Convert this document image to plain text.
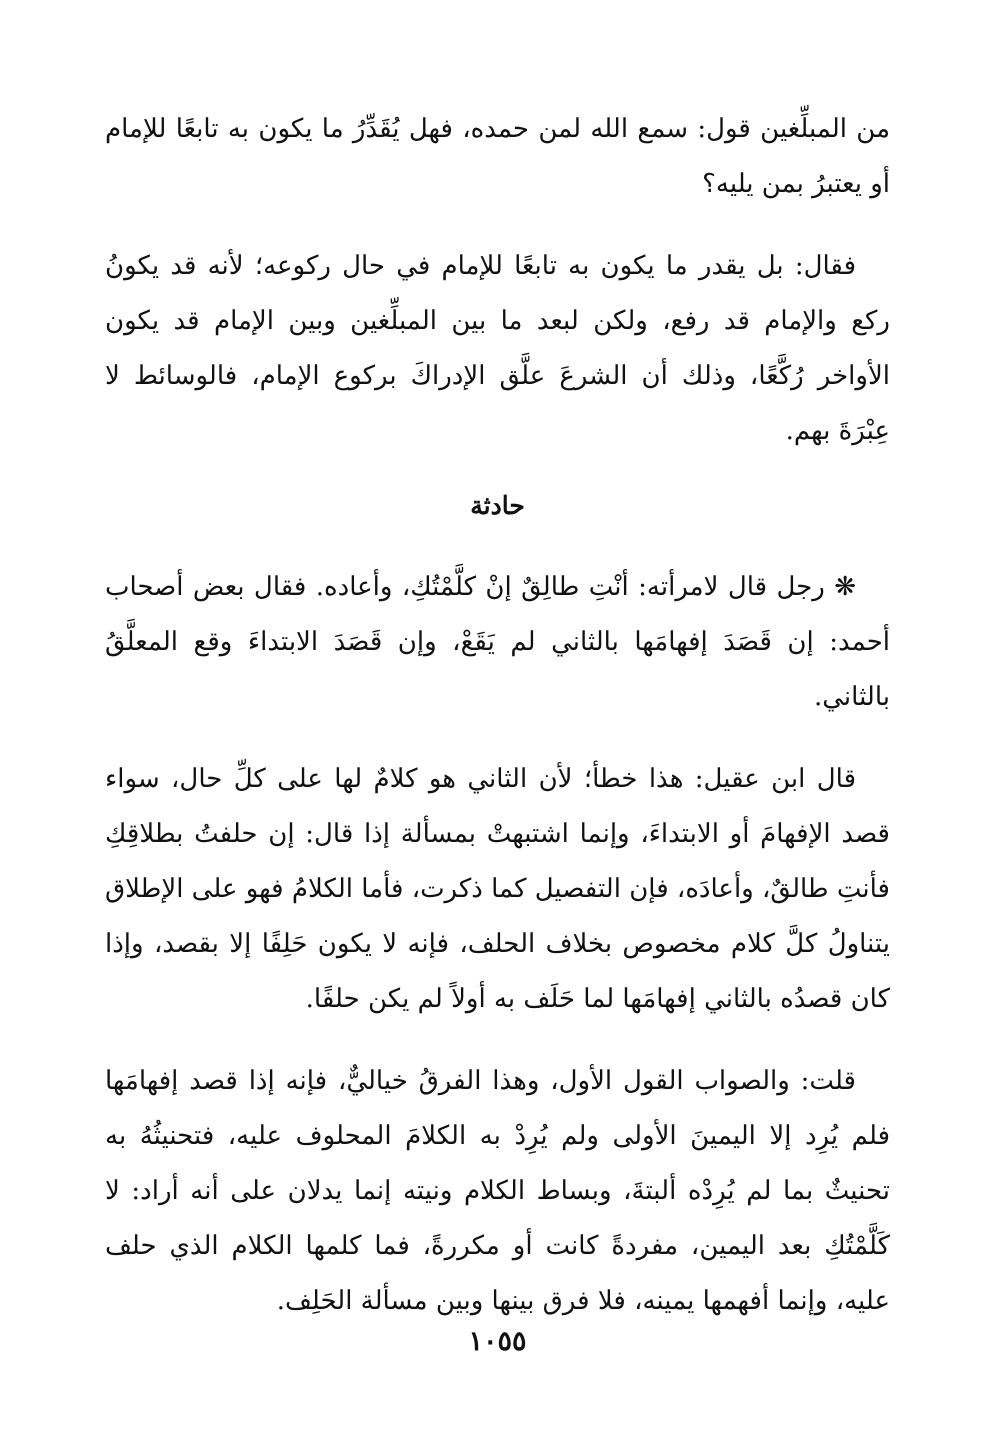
من المبلِّغين قول: سمع الله لمن حمده، فهل يُقَدِّرُ ما يكون به تابعًا للإمام أو يعتبرُ بمن يليه؟

فقال: بل يقدر ما يكون به تابعًا للإمام في حال ركوعه؛ لأنه قد يكونُ ركع والإمام قد رفع، ولكن لبعد ما بين المبلِّغين وبين الإمام قد يكون الأواخر رُكَّعًا، وذلك أن الشرعَ علَّق الإدراكَ بركوع الإمام، فالوسائط لا عِبْرَةَ بهم.

حادثة

❋ رجل قال لامرأته: أنْتِ طالِقٌ إنْ كلَّمْتُكِ، وأعاده. فقال بعض أصحاب أحمد: إن قَصَدَ إفهامَها بالثاني لم يَقَعْ، وإن قَصَدَ الابتداءَ وقع المعلَّقُ بالثاني.

قال ابن عقيل: هذا خطأ؛ لأن الثاني هو كلامٌ لها على كلِّ حال، سواء قصد الإفهامَ أو الابتداءَ، وإنما اشتبهتْ بمسألة إذا قال: إن حلفتُ بطلاقِكِ فأنتِ طالقٌ، وأعادَه، فإن التفصيل كما ذكرت، فأما الكلامُ فهو على الإطلاق يتناولُ كلَّ كلام مخصوص بخلاف الحلف، فإنه لا يكون حَلِفًا إلا بقصد، وإذا كان قصدُه بالثاني إفهامَها لما حَلَف به أولاً لم يكن حلفًا.

قلت: والصواب القول الأول، وهذا الفرقُ خياليٌّ، فإنه إذا قصد إفهامَها فلم يُرِد إلا اليمينَ الأولى ولم يُرِدْ به الكلامَ المحلوف عليه، فتحنيثُهُ به تحنيثٌ بما لم يُرِدْه ألبتةَ، وبساط الكلام ونيته إنما يدلان على أنه أراد: لا كَلَّمْتُكِ بعد اليمين، مفردةً كانت أو مكررةً، فما كلمها الكلام الذي حلف عليه، وإنما أفهمها يمينه، فلا فرق بينها وبين مسألة الحَلِف.

١٠٥٥
